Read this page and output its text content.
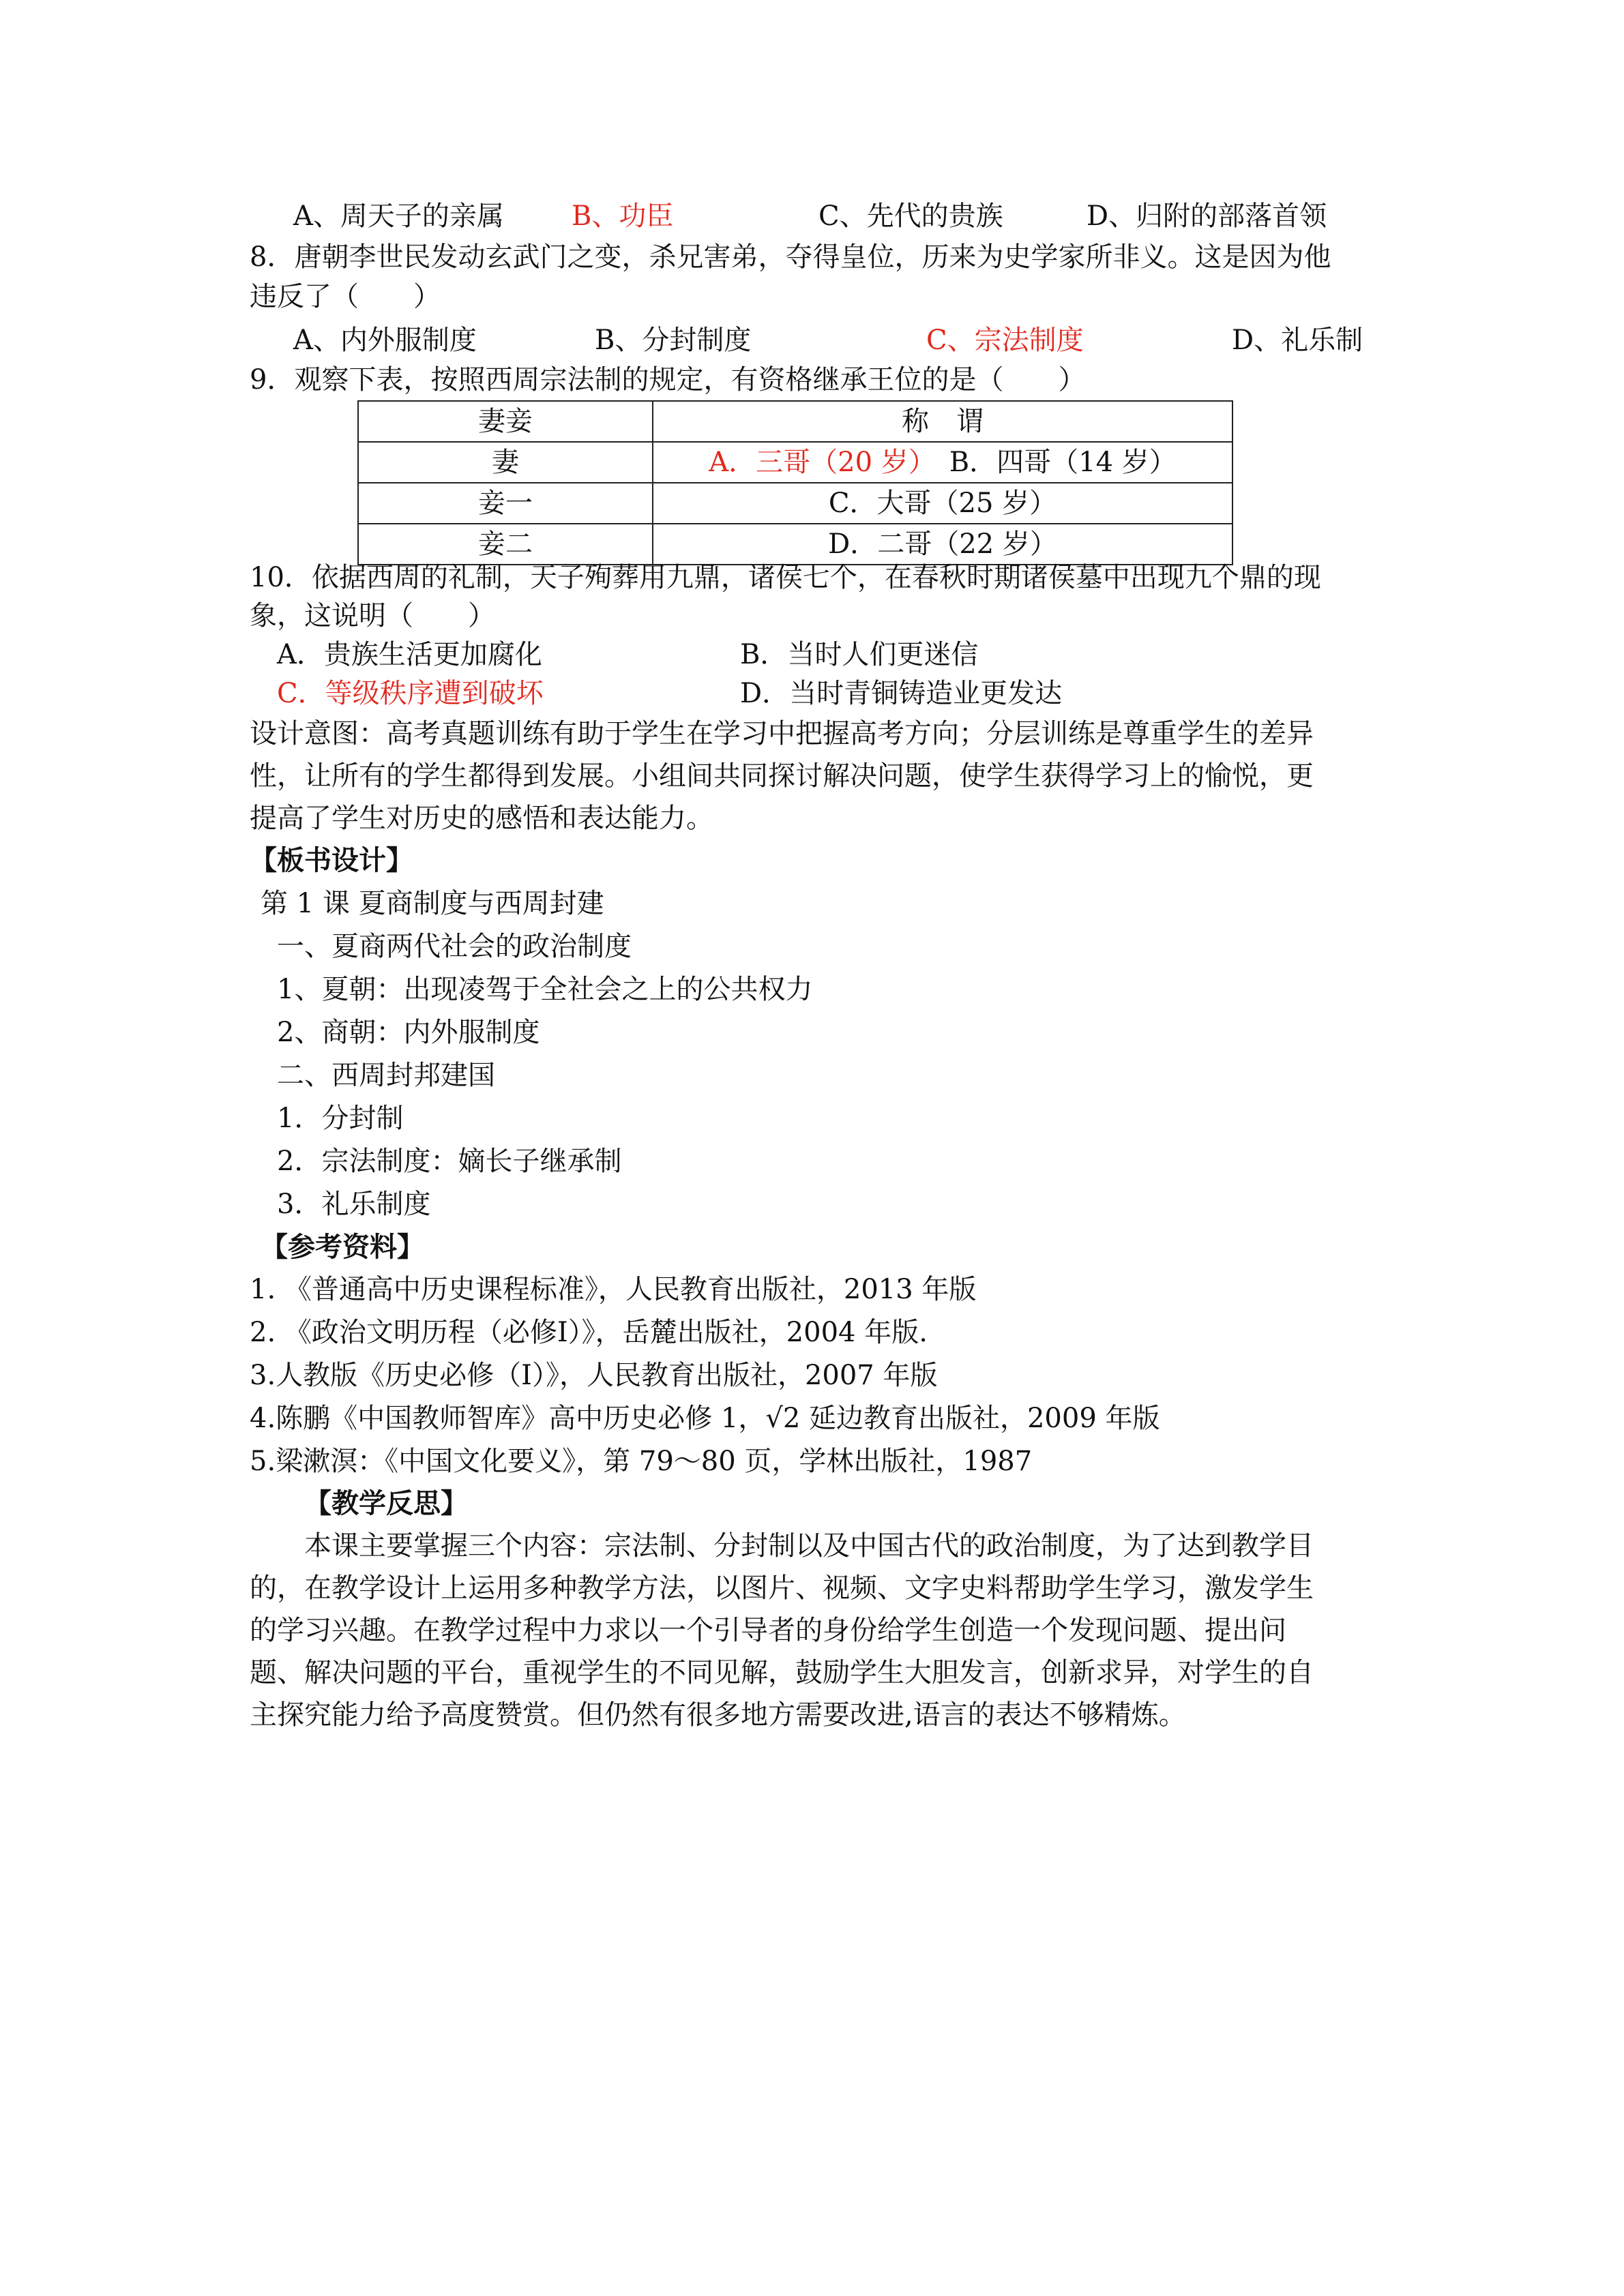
A、周天子的亲属 B、功臣	C、先代的贵族	D、归附的部落首领
8．唐朝李世民发动玄武门之变，杀兄害弟，夺得皇位，历来为史学家所非义。这是因为他
违反了（　　）
A、内外服制度	B、分封制度	C、宗法制度	D、礼乐制
9．观察下表，按照西周宗法制的规定，有资格继承王位的是（　　）
妻妾	称　谓
妻	A．三哥（20 岁）　B．四哥（14 岁）
妾一	C．大哥（25 岁）
妾二	D．二哥（22 岁）
10．依据西周的礼制，天子殉葬用九鼎，诸侯七个，在春秋时期诸侯墓中出现九个鼎的现
象，这说明（　　）
A．贵族生活更加腐化	B．当时人们更迷信
C．等级秩序遭到破坏	D．当时青铜铸造业更发达
设计意图：高考真题训练有助于学生在学习中把握高考方向；分层训练是尊重学生的差异
性，让所有的学生都得到发展。小组间共同探讨解决问题，使学生获得学习上的愉悦，更
提高了学生对历史的感悟和表达能力。
【板书设计】
第 1 课 夏商制度与西周封建
一、夏商两代社会的政治制度
1、夏朝：出现凌驾于全社会之上的公共权力
2、商朝：内外服制度
二、西周封邦建国
1．分封制
2．宗法制度：嫡长子继承制
3．礼乐制度
【参考资料】
1. 《普通高中历史课程标准》，人民教育出版社，2013 年版
2. 《政治文明历程（必修Ⅰ）》，岳麓出版社，2004 年版.
3.人教版《历史必修（Ⅰ）》，人民教育出版社，2007 年版
4.陈鹏《中国教师智库》高中历史必修 1，√2 延边教育出版社，2009 年版
5.梁漱溟：《中国文化要义》，第 79～80 页，学林出版社，1987
【教学反思】
本课主要掌握三个内容：宗法制、分封制以及中国古代的政治制度，为了达到教学目
的，在教学设计上运用多种教学方法，以图片、视频、文字史料帮助学生学习，激发学生
的学习兴趣。在教学过程中力求以一个引导者的身份给学生创造一个发现问题、提出问
题、解决问题的平台，重视学生的不同见解，鼓励学生大胆发言，创新求异，对学生的自
主探究能力给予高度赞赏。但仍然有很多地方需要改进,语言的表达不够精炼。
